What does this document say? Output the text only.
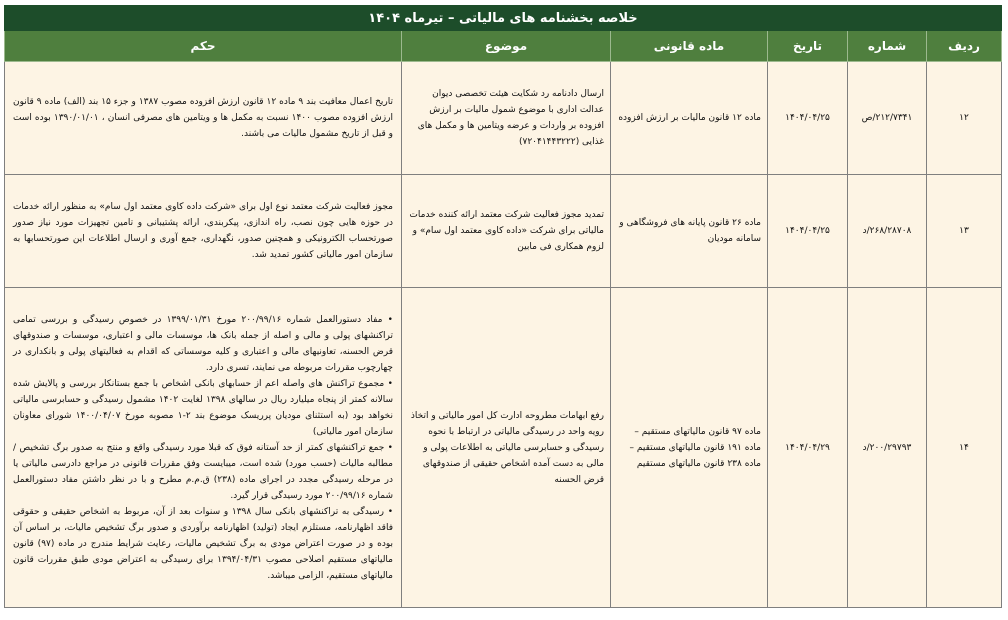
خلاصه بخشنامه های مالیاتی – تیرماه ۱۴۰۴					
ردیف	شماره	تاریخ	ماده قانونی	موضوع	حکم
۱۲	۲۱۲/۷۳۴۱/ص	۱۴۰۴/۰۴/۲۵	ماده ۱۲ قانون مالیات بر ارزش افزوده	ارسال دادنامه رد شکایت هیئت تخصصی دیوان عدالت اداری با موضوع شمول مالیات بر ارزش افزوده بر واردات و عرضه ویتامین ها و مکمل های غذایی (۷۲۰۴۱۴۴۳۲۲۲)	تاریخ اعمال معافیت بند ۹ ماده ۱۲ قانون ارزش افزوده مصوب ۱۳۸۷ و جزء ۱۵ بند (الف) ماده ۹ قانون ارزش افزوده مصوب ۱۴۰۰ نسبت به مکمل ها و ویتامین های مصرفی انسان ، ۱۳۹۰/۰۱/۰۱ بوده است و قبل از تاریخ مشمول مالیات می باشند.
۱۳	۲۶۸/۲۸۷۰۸/د	۱۴۰۴/۰۴/۲۵	ماده ۲۶ قانون پایانه های فروشگاهی و سامانه مودیان	تمدید مجوز فعالیت شرکت معتمد ارائه کننده خدمات مالیاتی برای شرکت «داده کاوی معتمد اول سام» و لزوم همکاری فی مابین	مجوز فعالیت شرکت معتمد نوع اول برای «شرکت داده کاوی معتمد اول سام» به منظور ارائه خدمات در حوزه هایی چون نصب، راه اندازی، پیکربندی، ارائه پشتیبانی و تامین تجهیزات مورد نیاز صدور صورتحساب الکترونیکی و همچنین صدور، نگهداری، جمع آوری و ارسال اطلاعات این صورتحسابها به سازمان امور مالیاتی کشور تمدید شد.
۱۴	۲۰۰/۲۹۷۹۳/د	۱۴۰۴/۰۴/۲۹	ماده ۹۷ قانون مالیاتهای مستقیم – ماده ۱۹۱ قانون مالیاتهای مستقیم – ماده ۲۳۸ قانون مالیاتهای مستقیم	رفع ابهامات مطروحه ادارت کل امور مالیاتی و اتخاذ رویه واحد در رسیدگی مالیاتی در ارتباط با نحوه رسیدگی و حسابرسی مالیاتی به اطلاعات پولی و مالی به دست آمده اشخاص حقیقی از صندوقهای قرض الحسنه	• مفاد دستورالعمل شماره ۲۰۰/۹۹/۱۶ مورخ ۱۳۹۹/۰۱/۳۱ در خصوص رسیدگی و بررسی تمامی تراکنشهای پولی و مالی و اصله از جمله بانک ها، موسسات مالی و اعتباری، موسسات و صندوقهای قرض الحسنه، تعاونیهای مالی و اعتباری و کلیه موسساتی که اقدام به فعالیتهای پولی و بانکداری در چهارچوب مقررات مربوطه می نمایند، تسری دارد.

• مجموع تراکنش های واصله اعم از حسابهای بانکی اشخاص با جمع بستانکار بررسی و پالایش شده سالانه کمتر از پنجاه میلیارد ریال در سالهای ۱۳۹۸ لغایت ۱۴۰۲ مشمول رسیدگی و حسابرسی مالیاتی نخواهد بود (به استثنای مودیان پرریسک موضوع بند ۲-۱ مصوبه مورخ ۱۴۰۰/۰۴/۰۷ شورای معاونان سازمان امور مالیاتی)

• جمع تراکنشهای کمتر از حد آستانه فوق که قبلا مورد رسیدگی واقع و منتج به صدور برگ تشخیص / مطالبه مالیات (حسب مورد) شده است، میبایست وفق مقررات قانونی در مراجع دادرسی مالیاتی یا در مرحله رسیدگی مجدد در اجرای ماده (۲۳۸) ق.م.م مطرح و با در نظر داشتن مفاد دستورالعمل شماره ۲۰۰/۹۹/۱۶ مورد رسیدگی قرار گیرد.

• رسیدگی به تراکنشهای بانکی سال ۱۳۹۸ و سنوات بعد از آن، مربوط به اشخاص حقیقی و حقوقی فاقد اظهارنامه، مستلزم ایجاد (تولید) اظهارنامه برآوردی و صدور برگ تشخیص مالیات، بر اساس آن بوده و در صورت اعتراض مودی به برگ تشخیص مالیات، رعایت شرایط مندرج در ماده (۹۷) قانون مالیاتهای مستقیم اصلاحی مصوب ۱۳۹۴/۰۴/۳۱ برای رسیدگی به اعتراض مودی طبق مقررات قانون مالیاتهای مستقیم، الزامی میباشد.
